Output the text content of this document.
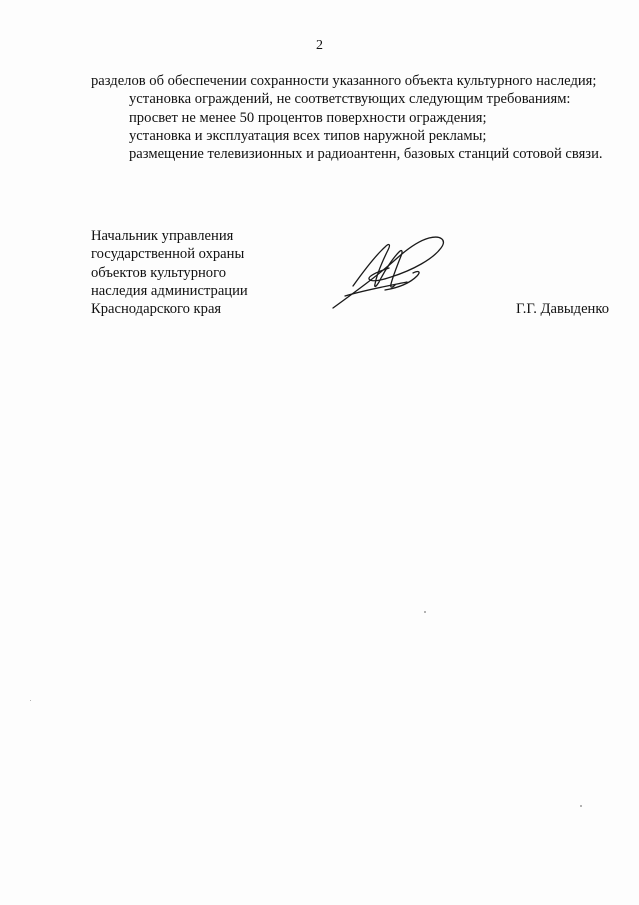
2

разделов об обеспечении сохранности указанного объекта культурного наследия;

установка ограждений, не соответствующих следующим требованиям:

просвет не менее 50 процентов поверхности ограждения;

установка и эксплуатация всех типов наружной рекламы;

размещение телевизионных и радиоантенн, базовых станций сотовой связи.

Начальник управления
государственной охраны
объектов культурного
наследия администрации
Краснодарского края	Г.Г. Давыденко
